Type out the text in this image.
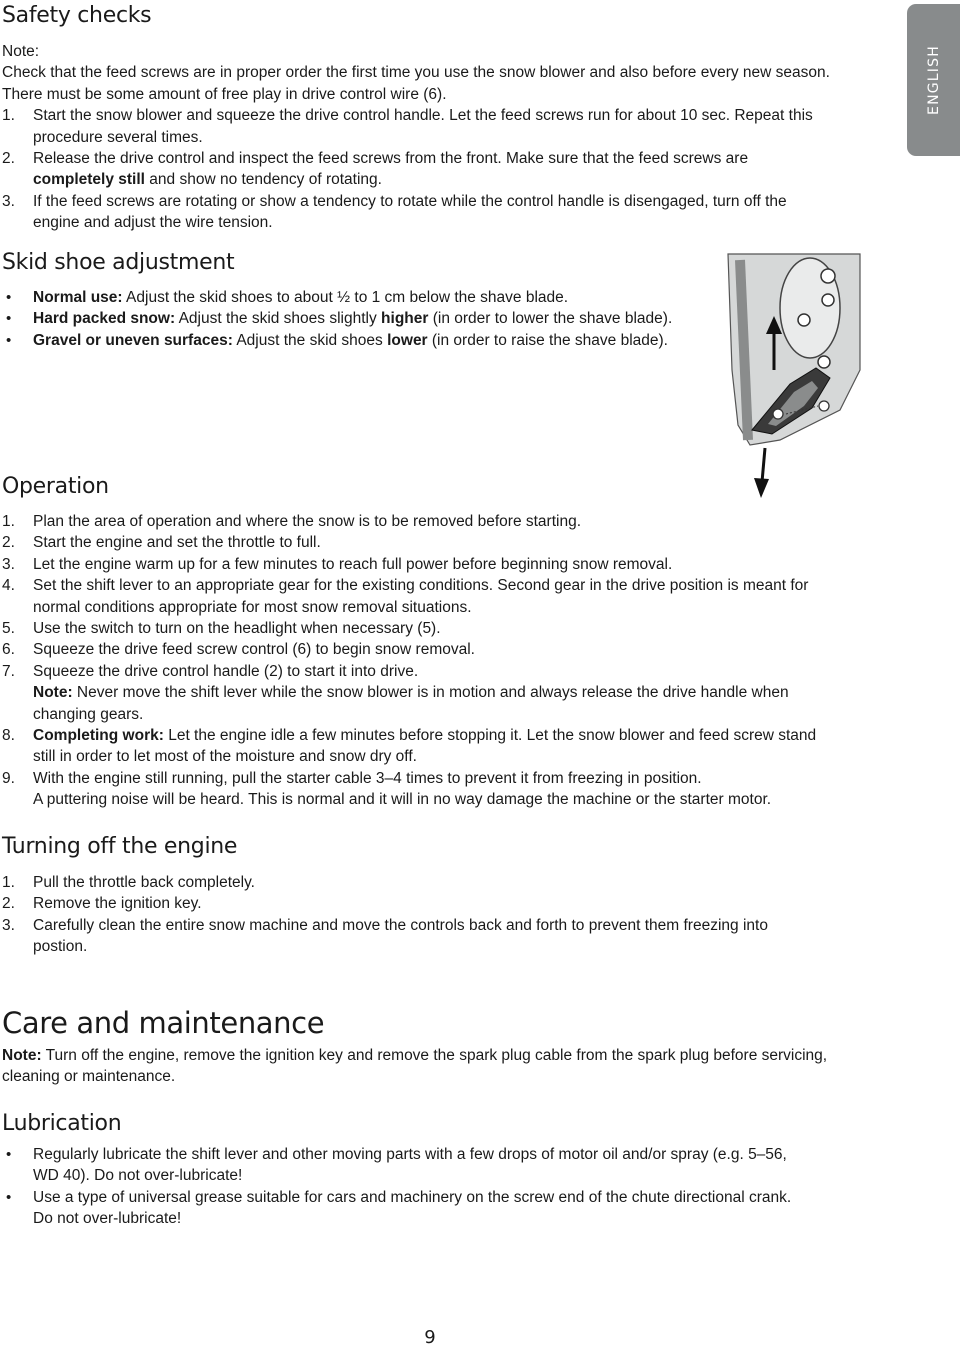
ENGLISH
Safety checks
Note:
Check that the feed screws are in proper order the first time you use the snow blower and also before every new season. There must be some amount of free play in drive control wire (6).
1. Start the snow blower and squeeze the drive control handle. Let the feed screws run for about 10 sec. Repeat this procedure several times.
2. Release the drive control and inspect the feed screws from the front. Make sure that the feed screws are completely still and show no tendency of rotating.
3. If the feed screws are rotating or show a tendency to rotate while the control handle is disengaged, turn off the engine and adjust the wire tension.
Skid shoe adjustment
• Normal use: Adjust the skid shoes to about ½ to 1 cm below the shave blade.
• Hard packed snow: Adjust the skid shoes slightly higher (in order to lower the shave blade).
• Gravel or uneven surfaces: Adjust the skid shoes lower (in order to raise the shave blade).
Operation
1. Plan the area of operation and where the snow is to be removed before starting.
2. Start the engine and set the throttle to full.
3. Let the engine warm up for a few minutes to reach full power before beginning snow removal.
4. Set the shift lever to an appropriate gear for the existing conditions. Second gear in the drive position is meant for normal conditions appropriate for most snow removal situations.
5. Use the switch to turn on the headlight when necessary (5).
6. Squeeze the drive feed screw control (6) to begin snow removal.
7. Squeeze the drive control handle (2) to start it into drive.
Note: Never move the shift lever while the snow blower is in motion and always release the drive handle when changing gears.
8. Completing work: Let the engine idle a few minutes before stopping it. Let the snow blower and feed screw stand still in order to let most of the moisture and snow dry off.
9. With the engine still running, pull the starter cable 3–4 times to prevent it from freezing in position.
A puttering noise will be heard. This is normal and it will in no way damage the machine or the starter motor.
Turning off the engine
1. Pull the throttle back completely.
2. Remove the ignition key.
3. Carefully clean the entire snow machine and move the controls back and forth to prevent them freezing into postion.
Care and maintenance
Note: Turn off the engine, remove the ignition key and remove the spark plug cable from the spark plug before servicing, cleaning or maintenance.
Lubrication
• Regularly lubricate the shift lever and other moving parts with a few drops of motor oil and/or spray (e.g. 5–56, WD 40). Do not over-lubricate!
• Use a type of universal grease suitable for cars and machinery on the screw end of the chute directional crank. Do not over-lubricate!
9
